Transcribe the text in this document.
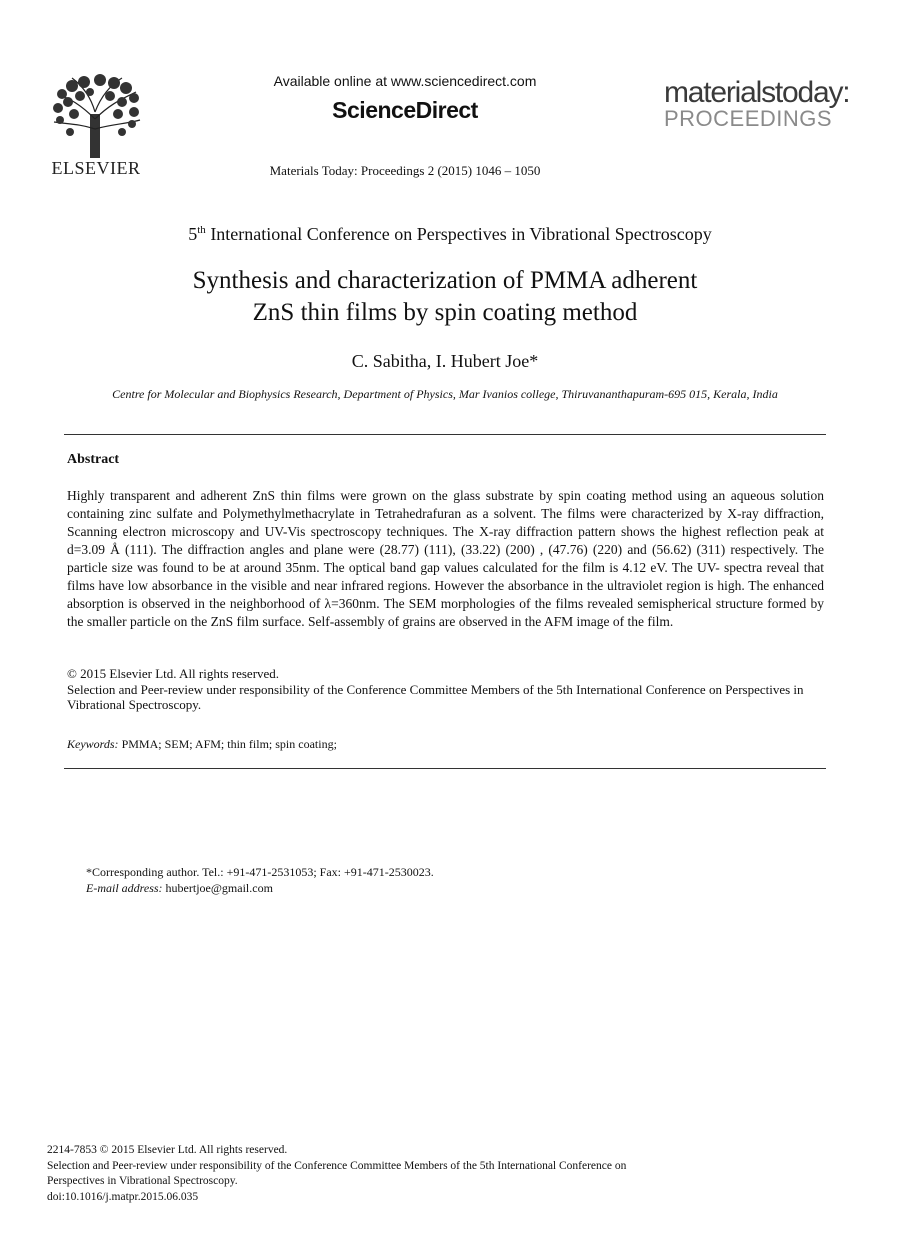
ELSEVIER
Available online at www.sciencedirect.com
ScienceDirect
Materials Today: Proceedings 2 (2015) 1046 – 1050
materialstoday:
PROCEEDINGS
5th International Conference on Perspectives in Vibrational Spectroscopy
Synthesis and characterization of PMMA adherent
ZnS thin films by spin coating method
C. Sabitha, I. Hubert Joe*
Centre for Molecular and Biophysics Research, Department of Physics, Mar Ivanios college, Thiruvananthapuram-695 015, Kerala, India
Abstract
Highly transparent and adherent ZnS thin films were grown on the glass substrate by spin coating method using an aqueous solution containing zinc sulfate and Polymethylmethacrylate in Tetrahedrafuran as a solvent. The films were characterized by X-ray diffraction, Scanning electron microscopy and UV-Vis spectroscopy techniques. The X-ray diffraction pattern shows the highest reflection peak at d=3.09 Å (111). The diffraction angles and plane were (28.77) (111), (33.22) (200) , (47.76) (220) and (56.62) (311) respectively. The particle size was found to be at around 35nm. The optical band gap values calculated for the film is 4.12 eV. The UV- spectra reveal that films have low absorbance in the visible and near infrared regions. However the absorbance in the ultraviolet region is high. The enhanced absorption is observed in the neighborhood of λ=360nm. The SEM morphologies of the films revealed semispherical structure formed by the smaller particle on the ZnS film surface. Self-assembly of grains are observed in the AFM image of the film.
© 2015 Elsevier Ltd. All rights reserved.
Selection and Peer-review under responsibility of the Conference Committee Members of the 5th International Conference on Perspectives in Vibrational Spectroscopy.
Keywords: PMMA; SEM; AFM; thin film; spin coating;
*Corresponding author. Tel.: +91-471-2531053; Fax: +91-471-2530023.
E-mail address: hubertjoe@gmail.com
2214-7853 © 2015 Elsevier Ltd. All rights reserved.
Selection and Peer-review under responsibility of the Conference Committee Members of the 5th International Conference on
Perspectives in Vibrational Spectroscopy.
doi:10.1016/j.matpr.2015.06.035
